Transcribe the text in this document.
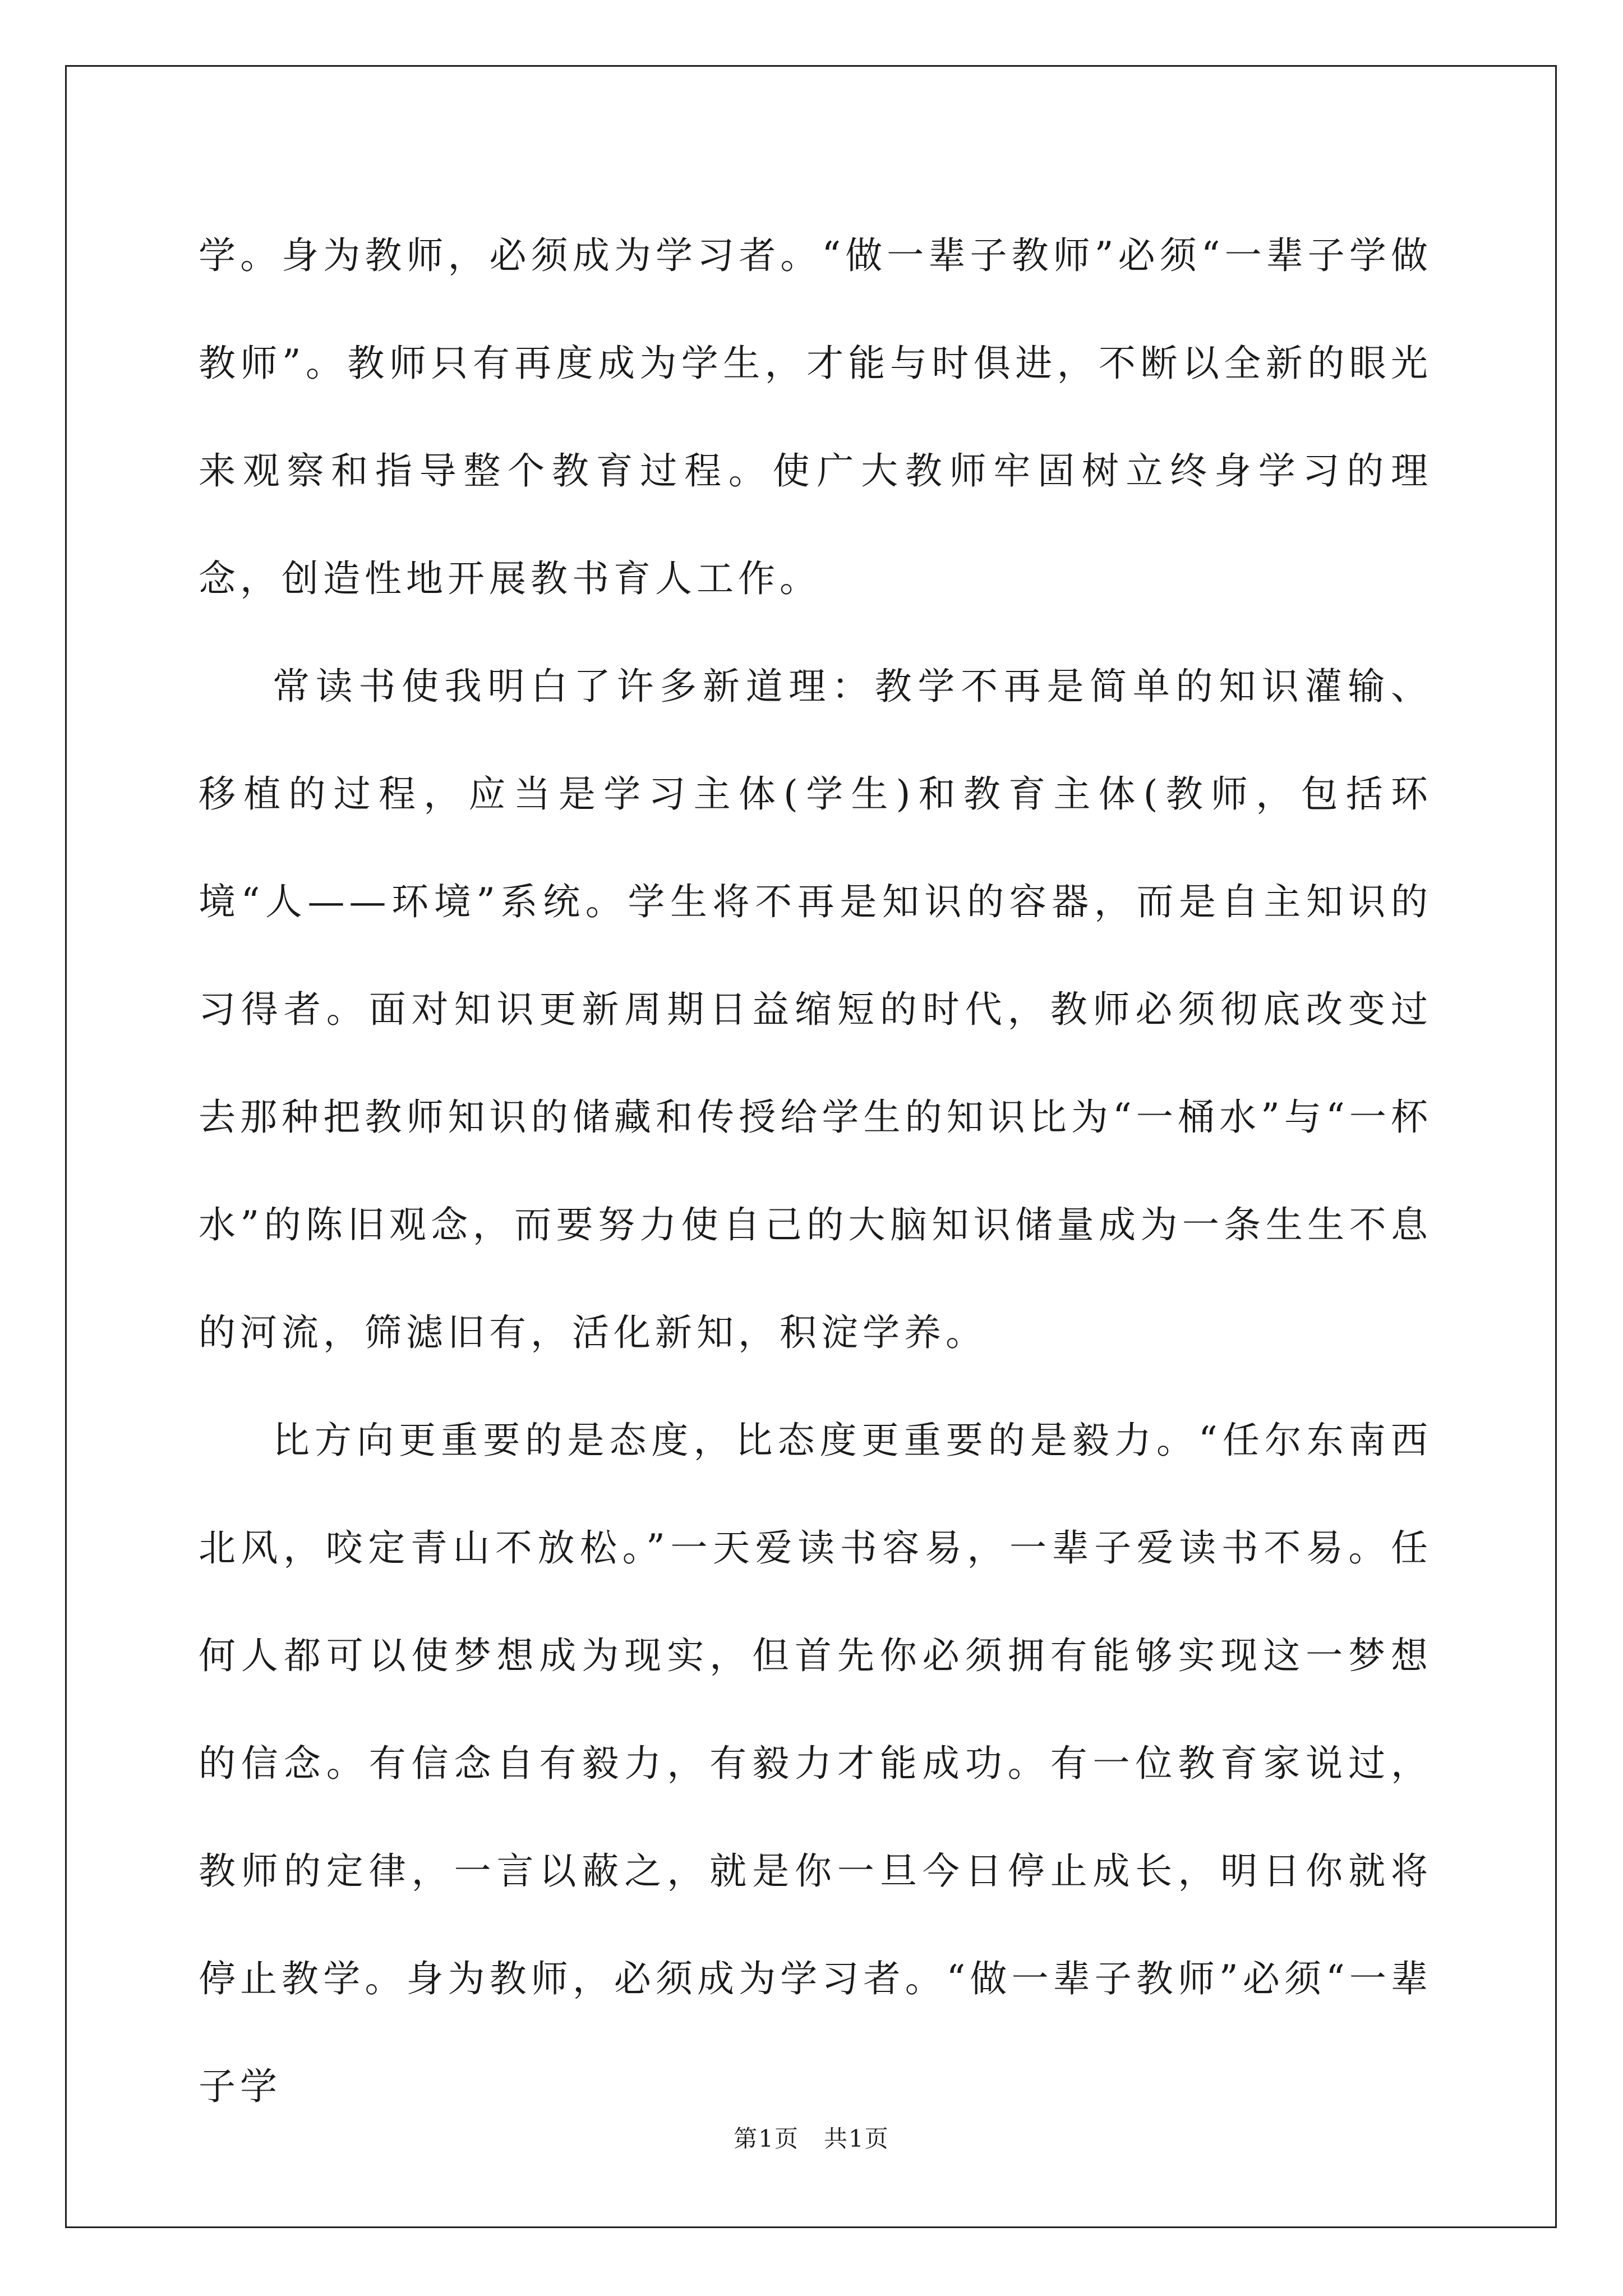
学。身为教师，必须成为学习者。“做一辈子教师”必须“一辈子学做教师”。教师只有再度成为学生，才能与时俱进，不断以全新的眼光来观察和指导整个教育过程。使广大教师牢固树立终身学习的理念，创造性地开展教书育人工作。

常读书使我明白了许多新道理：教学不再是简单的知识灌输、移植的过程，应当是学习主体(学生)和教育主体(教师，包括环境“人——环境”系统。学生将不再是知识的容器，而是自主知识的习得者。面对知识更新周期日益缩短的时代，教师必须彻底改变过去那种把教师知识的储藏和传授给学生的知识比为“一桶水”与“一杯水”的陈旧观念，而要努力使自己的大脑知识储量成为一条生生不息的河流，筛滤旧有，活化新知，积淀学养。

比方向更重要的是态度，比态度更重要的是毅力。“任尔东南西北风，咬定青山不放松。”一天爱读书容易，一辈子爱读书不易。任何人都可以使梦想成为现实，但首先你必须拥有能够实现这一梦想的信念。有信念自有毅力，有毅力才能成功。有一位教育家说过，教师的定律，一言以蔽之，就是你一旦今日停止成长，明日你就将停止教学。身为教师，必须成为学习者。“做一辈子教师”必须“一辈子学

第1页　共1页
